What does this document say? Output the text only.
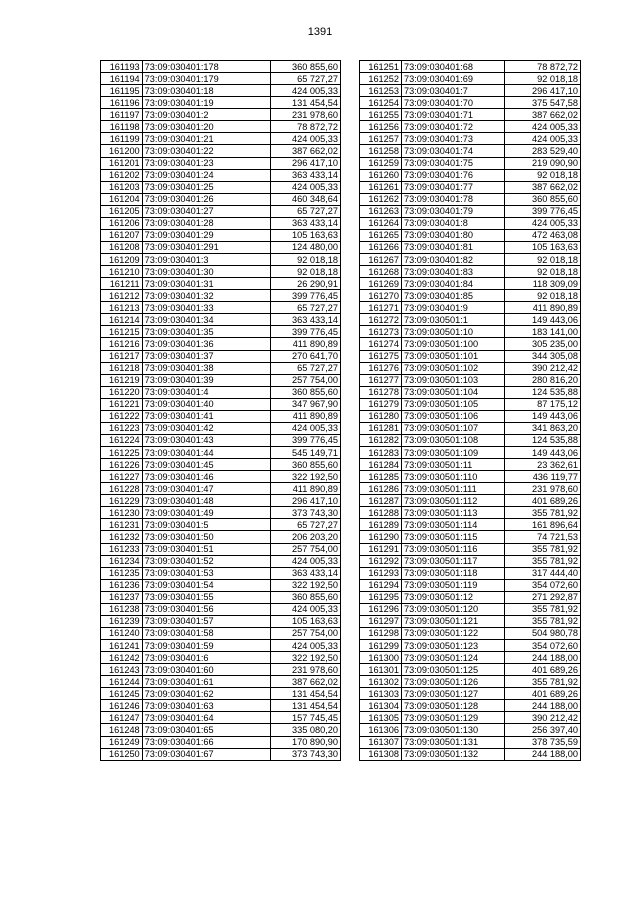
1391
161193	73:09:030401:178	360 855,60
161194	73:09:030401:179	65 727,27
161195	73:09:030401:18	424 005,33
161196	73:09:030401:19	131 454,54
161197	73:09:030401:2	231 978,60
161198	73:09:030401:20	78 872,72
161199	73:09:030401:21	424 005,33
161200	73:09:030401:22	387 662,02
161201	73:09:030401:23	296 417,10
161202	73:09:030401:24	363 433,14
161203	73:09:030401:25	424 005,33
161204	73:09:030401:26	460 348,64
161205	73:09:030401:27	65 727,27
161206	73:09:030401:28	363 433,14
161207	73:09:030401:29	105 163,63
161208	73:09:030401:291	124 480,00
161209	73:09:030401:3	92 018,18
161210	73:09:030401:30	92 018,18
161211	73:09:030401:31	26 290,91
161212	73:09:030401:32	399 776,45
161213	73:09:030401:33	65 727,27
161214	73:09:030401:34	363 433,14
161215	73:09:030401:35	399 776,45
161216	73:09:030401:36	411 890,89
161217	73:09:030401:37	270 641,70
161218	73:09:030401:38	65 727,27
161219	73:09:030401:39	257 754,00
161220	73:09:030401:4	360 855,60
161221	73:09:030401:40	347 967,90
161222	73:09:030401:41	411 890,89
161223	73:09:030401:42	424 005,33
161224	73:09:030401:43	399 776,45
161225	73:09:030401:44	545 149,71
161226	73:09:030401:45	360 855,60
161227	73:09:030401:46	322 192,50
161228	73:09:030401:47	411 890,89
161229	73:09:030401:48	296 417,10
161230	73:09:030401:49	373 743,30
161231	73:09:030401:5	65 727,27
161232	73:09:030401:50	206 203,20
161233	73:09:030401:51	257 754,00
161234	73:09:030401:52	424 005,33
161235	73:09:030401:53	363 433,14
161236	73:09:030401:54	322 192,50
161237	73:09:030401:55	360 855,60
161238	73:09:030401:56	424 005,33
161239	73:09:030401:57	105 163,63
161240	73:09:030401:58	257 754,00
161241	73:09:030401:59	424 005,33
161242	73:09:030401:6	322 192,50
161243	73:09:030401:60	231 978,60
161244	73:09:030401:61	387 662,02
161245	73:09:030401:62	131 454,54
161246	73:09:030401:63	131 454,54
161247	73:09:030401:64	157 745,45
161248	73:09:030401:65	335 080,20
161249	73:09:030401:66	170 890,90
161250	73:09:030401:67	373 743,30
161251	73:09:030401:68	78 872,72
161252	73:09:030401:69	92 018,18
161253	73:09:030401:7	296 417,10
161254	73:09:030401:70	375 547,58
161255	73:09:030401:71	387 662,02
161256	73:09:030401:72	424 005,33
161257	73:09:030401:73	424 005,33
161258	73:09:030401:74	283 529,40
161259	73:09:030401:75	219 090,90
161260	73:09:030401:76	92 018,18
161261	73:09:030401:77	387 662,02
161262	73:09:030401:78	360 855,60
161263	73:09:030401:79	399 776,45
161264	73:09:030401:8	424 005,33
161265	73:09:030401:80	472 463,08
161266	73:09:030401:81	105 163,63
161267	73:09:030401:82	92 018,18
161268	73:09:030401:83	92 018,18
161269	73:09:030401:84	118 309,09
161270	73:09:030401:85	92 018,18
161271	73:09:030401:9	411 890,89
161272	73:09:030501:1	149 443,06
161273	73:09:030501:10	183 141,00
161274	73:09:030501:100	305 235,00
161275	73:09:030501:101	344 305,08
161276	73:09:030501:102	390 212,42
161277	73:09:030501:103	280 816,20
161278	73:09:030501:104	124 535,88
161279	73:09:030501:105	87 175,12
161280	73:09:030501:106	149 443,06
161281	73:09:030501:107	341 863,20
161282	73:09:030501:108	124 535,88
161283	73:09:030501:109	149 443,06
161284	73:09:030501:11	23 362,61
161285	73:09:030501:110	436 119,77
161286	73:09:030501:111	231 978,60
161287	73:09:030501:112	401 689,26
161288	73:09:030501:113	355 781,92
161289	73:09:030501:114	161 896,64
161290	73:09:030501:115	74 721,53
161291	73:09:030501:116	355 781,92
161292	73:09:030501:117	355 781,92
161293	73:09:030501:118	317 444,40
161294	73:09:030501:119	354 072,60
161295	73:09:030501:12	271 292,87
161296	73:09:030501:120	355 781,92
161297	73:09:030501:121	355 781,92
161298	73:09:030501:122	504 980,78
161299	73:09:030501:123	354 072,60
161300	73:09:030501:124	244 188,00
161301	73:09:030501:125	401 689,26
161302	73:09:030501:126	355 781,92
161303	73:09:030501:127	401 689,26
161304	73:09:030501:128	244 188,00
161305	73:09:030501:129	390 212,42
161306	73:09:030501:130	256 397,40
161307	73:09:030501:131	378 735,59
161308	73:09:030501:132	244 188,00
